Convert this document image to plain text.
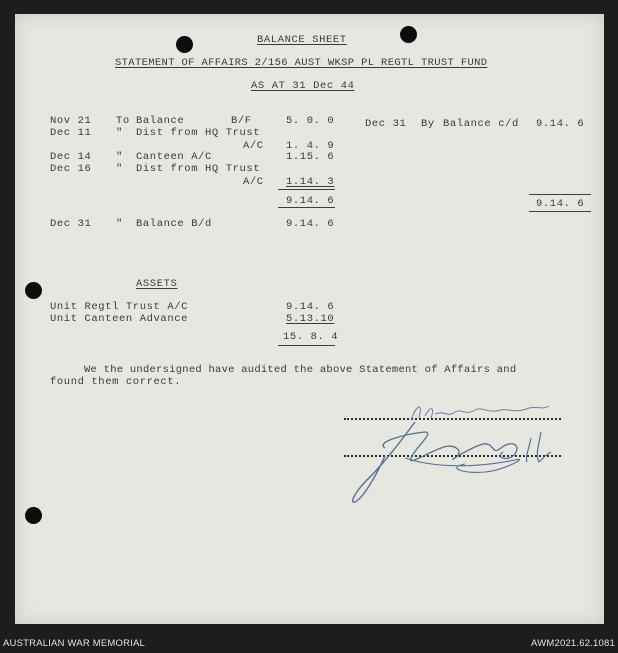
BALANCE SHEET
STATEMENT OF AFFAIRS 2/156 AUST WKSP PL REGTL TRUST FUND
AS AT 31 Dec 44
Nov 21 To Balance	B/F	5. 0. 0
Dec 11 " Dist from HQ Trust
A/C 1. 4. 9
Dec 14 " Canteen A/C	1.15. 6
Dec 16 " Dist from HQ Trust
A/C 1.14. 3
9.14. 6
Dec 31 By Balance c/d 9.14. 6
9.14. 6
Dec 31 " Balance B/d	9.14. 6
ASSETS
Unit Regtl Trust A/C	9.14. 6
Unit Canteen Advance	5.13.10
15. 8. 4
We the undersigned have audited the above Statement of Affairs and
found them correct.
AUSTRALIAN WAR MEMORIAL	AWM2021.62.1081
